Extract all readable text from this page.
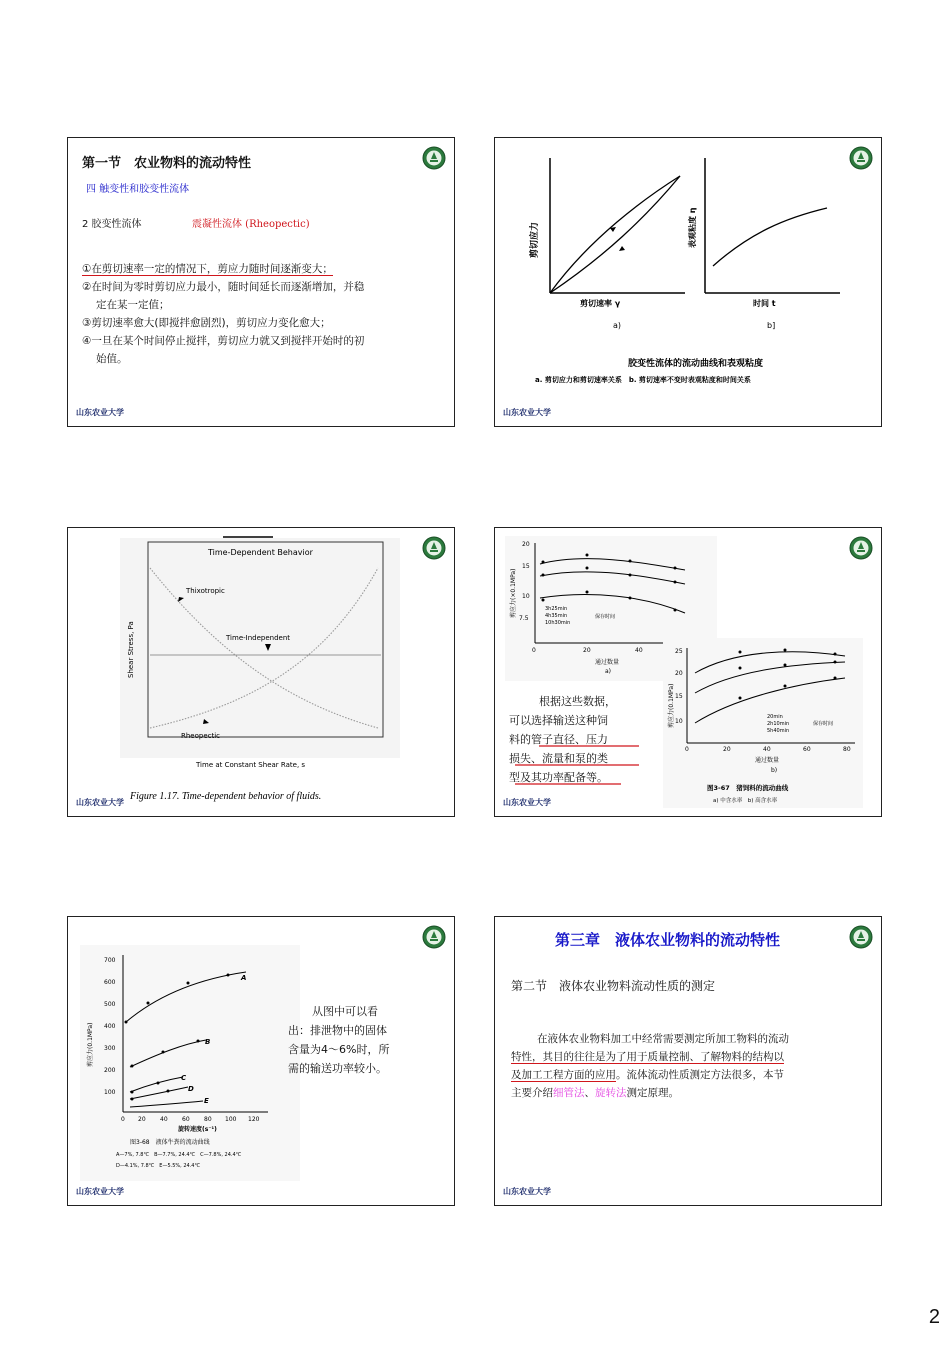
第一节　农业物料的流动特性
四 触变性和胶变性流体
2 胶变性流体	震凝性流体 (Rheopectic)
①在剪切速率一定的情况下，剪应力随时间逐渐变大；
②在时间为零时剪切应力最小，随时间延长而逐渐增加，并稳
定在某一定值；
③剪切速率愈大(即搅拌愈剧烈)，剪切应力变化愈大；
④一旦在某个时间停止搅拌，剪切应力就又到搅拌开始时的初
始值。
山东农业大学
剪切应力
剪切速率 γ
a)
表观粘度 η
时间 t
b]
胶变性流体的流动曲线和表观粘度
a. 剪切应力和剪切速率关系　b. 剪切速率不变时表观粘度和时间关系
山东农业大学
Time-Dependent Behavior
Thixotropic
Time-Independent
Rheopectic
Shear Stress, Pa
Time at Constant Shear Rate, s
Figure 1.17. Time-dependent behavior of fluids.
山东农业大学
20
15
10
7.5
0	20	40
剪应力(×0.1MPa)	3h25min
4h35min
10h30min
保存时间
通过数量
a)
25
20
15
10
0	20	40	60	80
剪应力(0.1MPa)	20min
2h10min
5h40min
保存时间
通过数量
b)
图3-67　猪饲料的流动曲线
a) 中含水率　b) 高含水率
根据这些数据，
可以选择输送这种饲
料的管子直径、压力
损失、流量和泵的类
型及其功率配备等。
山东农业大学
700
600
500
400
300
200
100
0 20 40 60 80 100 120
A
B
C
D
E
剪应力(0.1MPa)
旋转速度(s⁻¹)
图3-68　液体牛粪的流动曲线
A—7%, 7.8℃　B—7.7%, 24.4℃　C—7.8%, 24.4℃
D—4.1%, 7.8℃　E—5.5%, 24.4℃
从图中可以看
出：排泄物中的固体
含量为4～6%时，所
需的输送功率较小。
山东农业大学
第三章　液体农业物料的流动特性
第二节　液体农业物料流动性质的测定
在液体农业物料加工中经常需要测定所加工物料的流动
特性，其目的往往是为了用于质量控制、了解物料的结构以
及加工工程方面的应用。流体流动性质测定方法很多，本节
主要介绍细管法、旋转法测定原理。
山东农业大学
2
